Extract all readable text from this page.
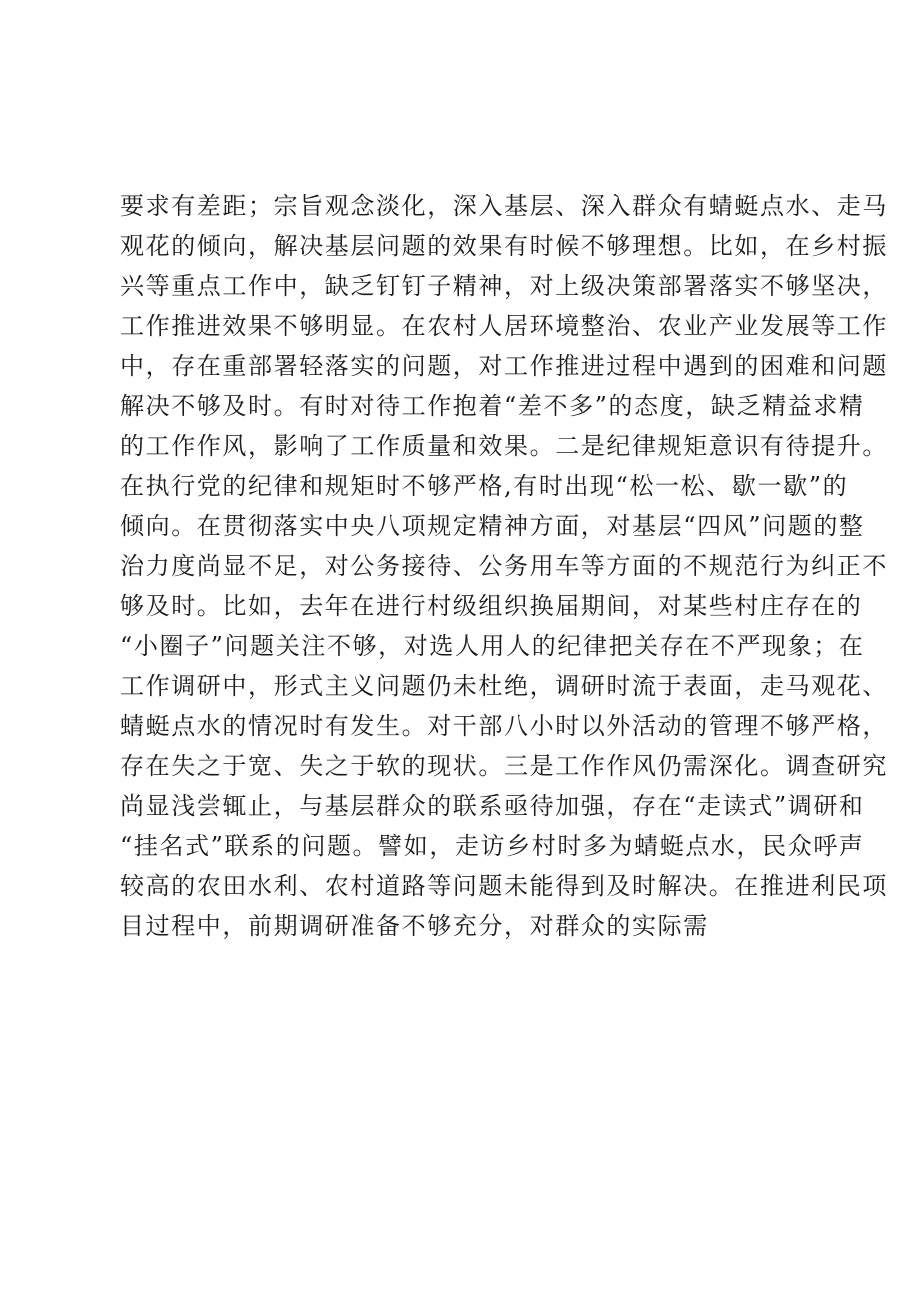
要求有差距；宗旨观念淡化，深入基层、深入群众有蜻蜓点水、走马
观花的倾向，解决基层问题的效果有时候不够理想。比如，在乡村振
兴等重点工作中，缺乏钉钉子精神，对上级决策部署落实不够坚决，
工作推进效果不够明显。在农村人居环境整治、农业产业发展等工作
中，存在重部署轻落实的问题，对工作推进过程中遇到的困难和问题
解决不够及时。有时对待工作抱着“差不多”的态度，缺乏精益求精
的工作作风，影响了工作质量和效果。二是纪律规矩意识有待提升。
在执行党的纪律和规矩时不够严格,有时出现“松一松、歇一歇”的
倾向。在贯彻落实中央八项规定精神方面，对基层“四风”问题的整
治力度尚显不足，对公务接待、公务用车等方面的不规范行为纠正不
够及时。比如，去年在进行村级组织换届期间，对某些村庄存在的
“小圈子”问题关注不够，对选人用人的纪律把关存在不严现象；在
工作调研中，形式主义问题仍未杜绝，调研时流于表面，走马观花、
蜻蜓点水的情况时有发生。对干部八小时以外活动的管理不够严格，
存在失之于宽、失之于软的现状。三是工作作风仍需深化。调查研究
尚显浅尝辄止，与基层群众的联系亟待加强，存在“走读式”调研和
“挂名式”联系的问题。譬如，走访乡村时多为蜻蜓点水，民众呼声
较高的农田水利、农村道路等问题未能得到及时解决。在推进利民项
目过程中，前期调研准备不够充分，对群众的实际需
